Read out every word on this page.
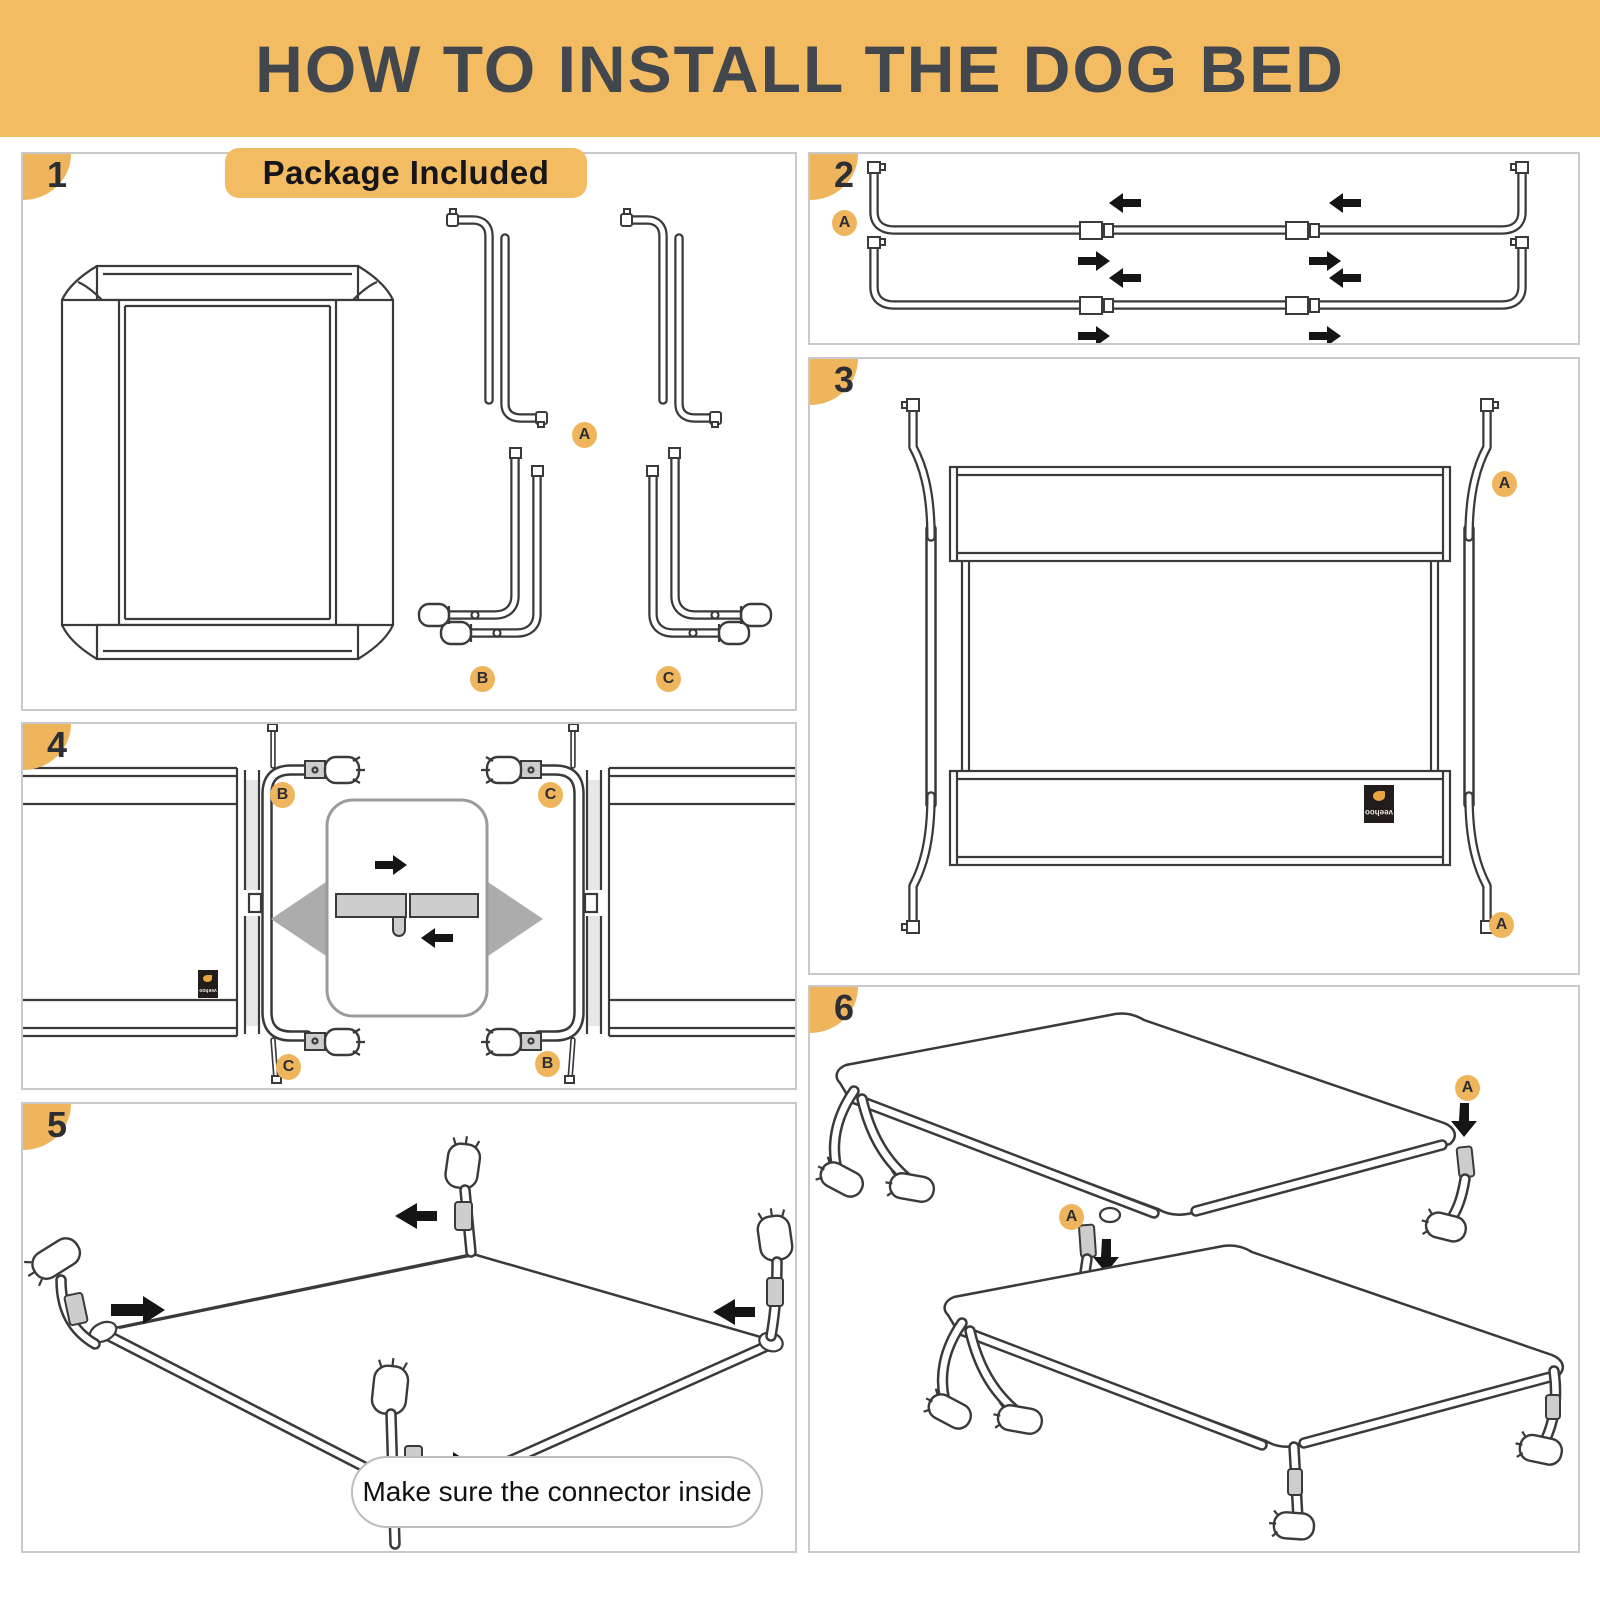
HOW TO INSTALL THE DOG BED
1	Package Included
A
B	C
2
A
3
A
A
veehoo
4
B
C
C
B
veehoo
5
Make sure the connector inside
6
A
A
